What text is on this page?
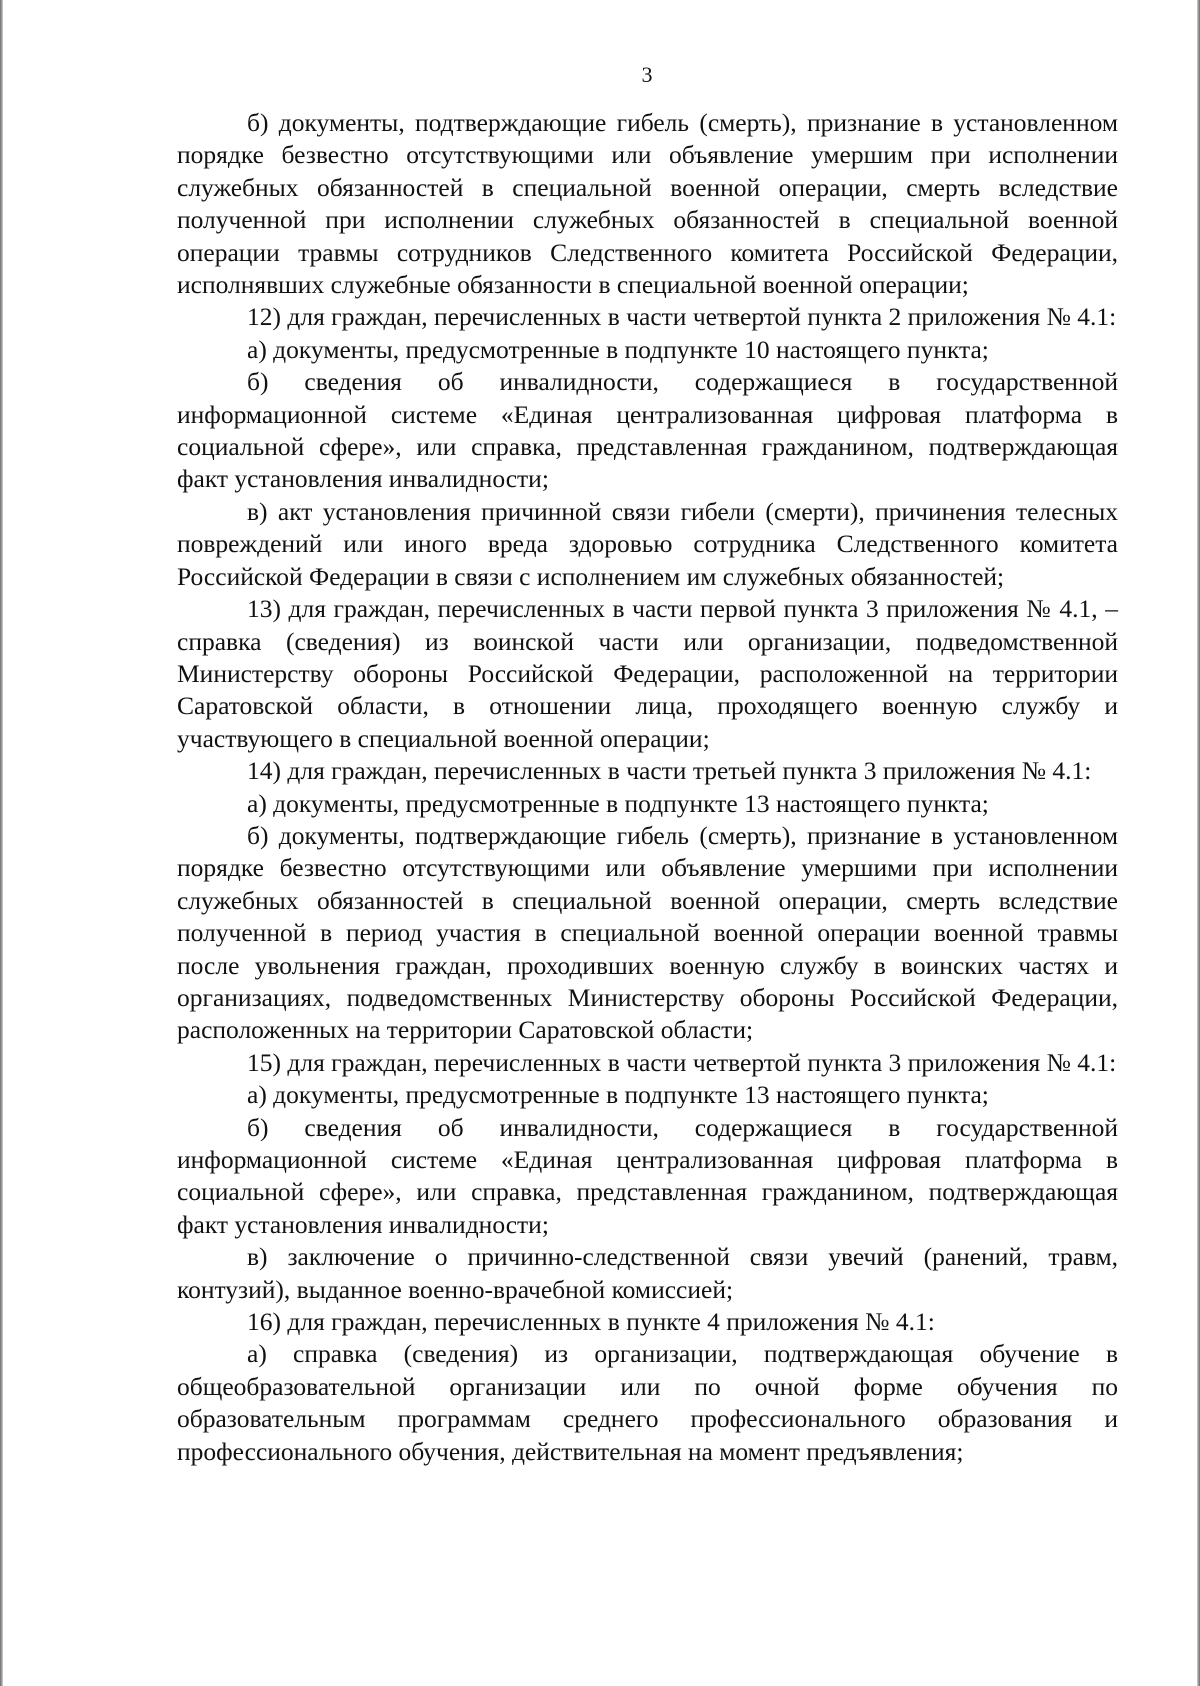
3

б) документы, подтверждающие гибель (смерть), признание в установленном порядке безвестно отсутствующими или объявление умершим при исполнении служебных обязанностей в специальной военной операции, смерть вследствие полученной при исполнении служебных обязанностей в специальной военной операции травмы сотрудников Следственного комитета Российской Федерации, исполнявших служебные обязанности в специальной военной операции;

12) для граждан, перечисленных в части четвертой пункта 2 приложения № 4.1:

а) документы, предусмотренные в подпункте 10 настоящего пункта;

б) сведения об инвалидности, содержащиеся в государственной информационной системе «Единая централизованная цифровая платформа в социальной сфере», или справка, представленная гражданином, подтверждающая факт установления инвалидности;

в) акт установления причинной связи гибели (смерти), причинения телесных повреждений или иного вреда здоровью сотрудника Следственного комитета Российской Федерации в связи с исполнением им служебных обязанностей;

13) для граждан, перечисленных в части первой пункта 3 приложения № 4.1, – справка (сведения) из воинской части или организации, подведомственной Министерству обороны Российской Федерации, расположенной на территории Саратовской области, в отношении лица, проходящего военную службу и участвующего в специальной военной операции;

14) для граждан, перечисленных в части третьей пункта 3 приложения № 4.1:

а) документы, предусмотренные в подпункте 13 настоящего пункта;

б) документы, подтверждающие гибель (смерть), признание в установленном порядке безвестно отсутствующими или объявление умершими при исполнении служебных обязанностей в специальной военной операции, смерть вследствие полученной в период участия в специальной военной операции военной травмы после увольнения граждан, проходивших военную службу в воинских частях и организациях, подведомственных Министерству обороны Российской Федерации, расположенных на территории Саратовской области;

15) для граждан, перечисленных в части четвертой пункта 3 приложения № 4.1:

а) документы, предусмотренные в подпункте 13 настоящего пункта;

б) сведения об инвалидности, содержащиеся в государственной информационной системе «Единая централизованная цифровая платформа в социальной сфере», или справка, представленная гражданином, подтверждающая факт установления инвалидности;

в) заключение о причинно-следственной связи увечий (ранений, травм, контузий), выданное военно-врачебной комиссией;

16) для граждан, перечисленных в пункте 4 приложения № 4.1:

а) справка (сведения) из организации, подтверждающая обучение в общеобразовательной организации или по очной форме обучения по образовательным программам среднего профессионального образования и профессионального обучения, действительная на момент предъявления;
